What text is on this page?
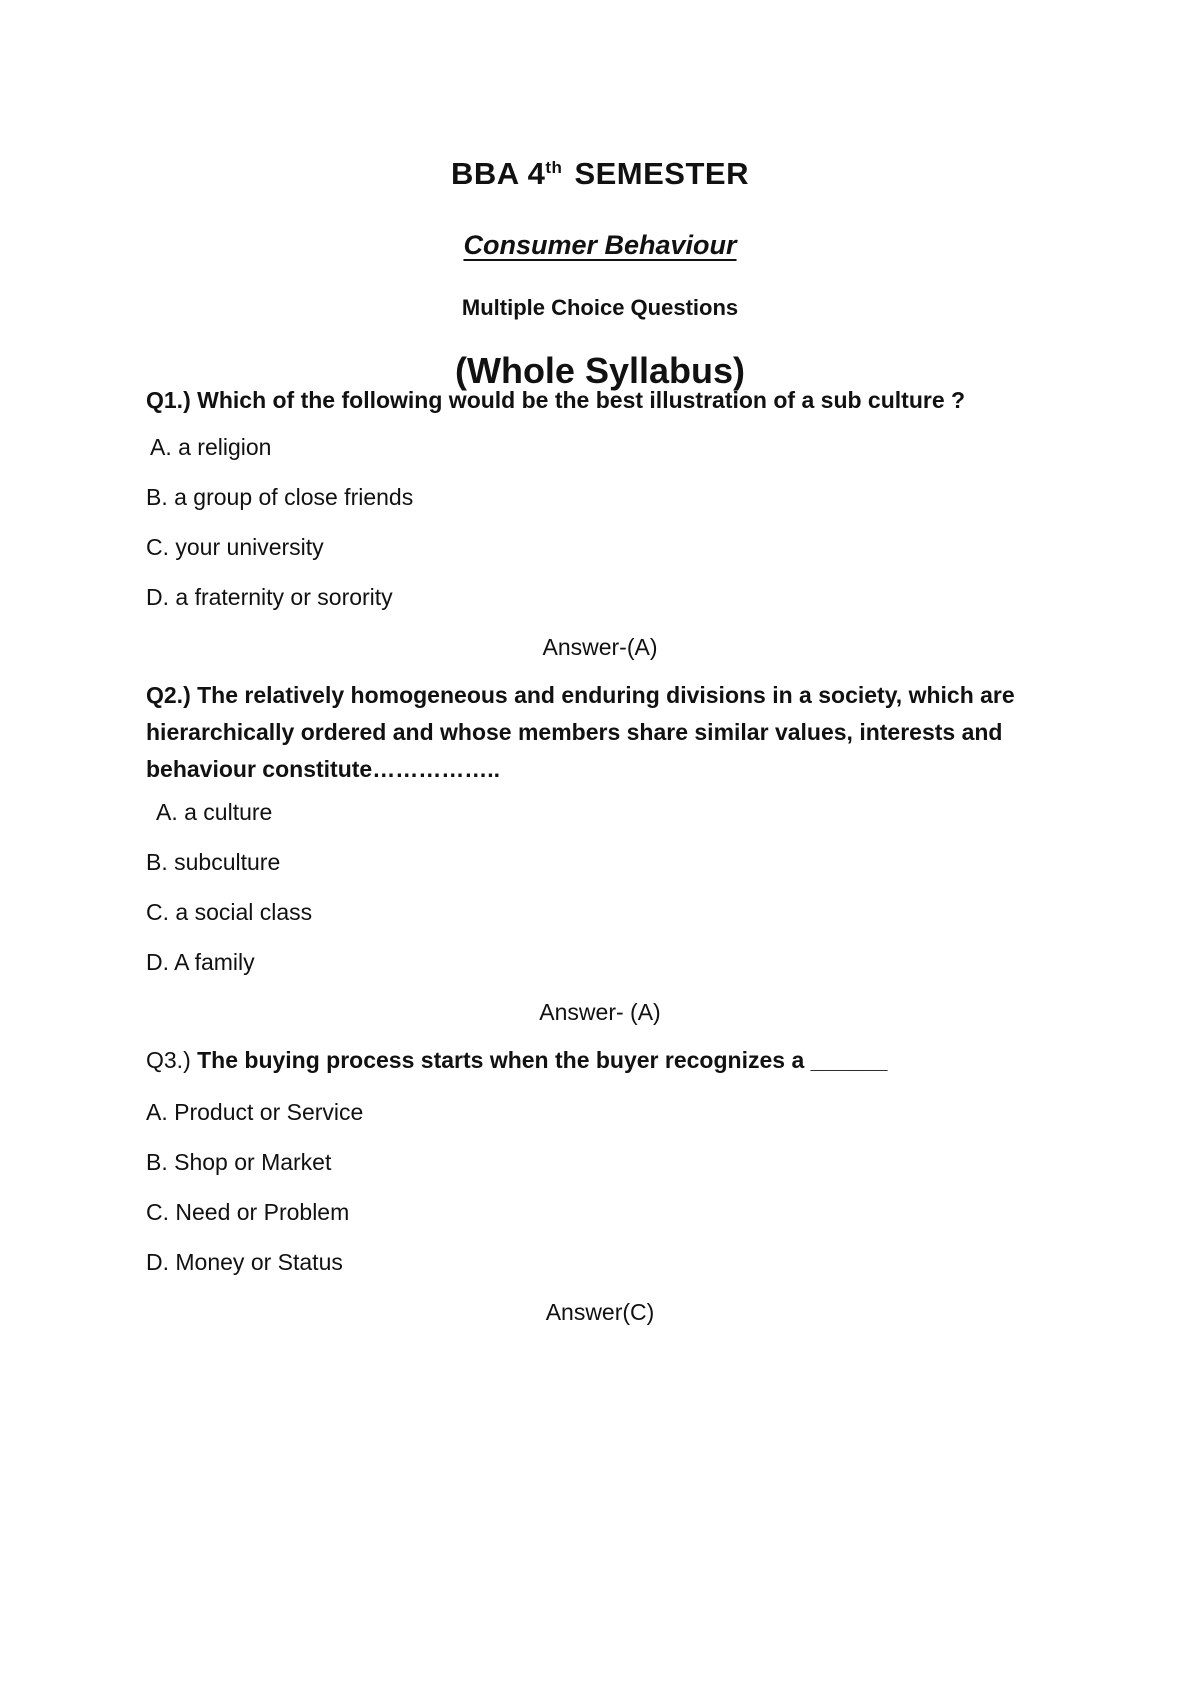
BBA 4th SEMESTER
Consumer Behaviour
Multiple Choice Questions
(Whole Syllabus)
Q1.) Which of the following would be the best illustration of a sub culture ?
A. a religion
B. a group of close friends
C. your university
D. a fraternity or sorority
Answer-(A)
Q2.) The relatively homogeneous and enduring divisions in a society, which are hierarchically ordered and whose members share similar values, interests and behaviour constitute……………..
A. a culture
B. subculture
C. a social class
D. A family
Answer- (A)
Q3.) The buying process starts when the buyer recognizes a ______
A. Product or Service
B. Shop or Market
C. Need or Problem
D. Money or Status
Answer(C)
